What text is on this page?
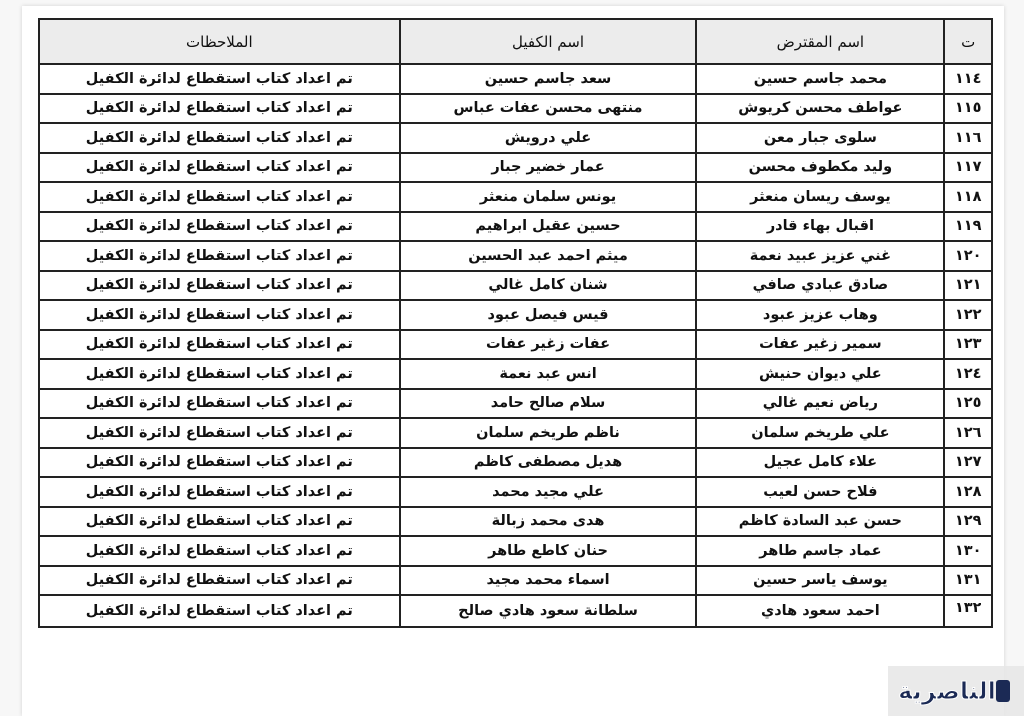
ت	اسم المقترض	اسم الكفيل	الملاحظات
١١٤	محمد جاسم حسين	سعد جاسم حسين	تم اعداد كتاب استقطاع لدائرة الكفيل
١١٥	عواطف محسن كريوش	منتهى محسن عفات عباس	تم اعداد كتاب استقطاع لدائرة الكفيل
١١٦	سلوى جبار معن	علي درويش	تم اعداد كتاب استقطاع لدائرة الكفيل
١١٧	وليد مكطوف محسن	عمار خضير جبار	تم اعداد كتاب استقطاع لدائرة الكفيل
١١٨	يوسف ريسان منعثر	يونس سلمان منعثر	تم اعداد كتاب استقطاع لدائرة الكفيل
١١٩	اقبال بهاء قادر	حسين عقيل ابراهيم	تم اعداد كتاب استقطاع لدائرة الكفيل
١٢٠	غني عزيز عبيد نعمة	ميثم احمد عبد الحسين	تم اعداد كتاب استقطاع لدائرة الكفيل
١٢١	صادق عبادي صافي	شنان كامل غالي	تم اعداد كتاب استقطاع لدائرة الكفيل
١٢٢	وهاب عزيز عبود	قيس فيصل عبود	تم اعداد كتاب استقطاع لدائرة الكفيل
١٢٣	سمير زغير عفات	عفات زغير عفات	تم اعداد كتاب استقطاع لدائرة الكفيل
١٢٤	علي ديوان حنيش	انس عبد نعمة	تم اعداد كتاب استقطاع لدائرة الكفيل
١٢٥	رياض نعيم غالي	سلام صالح حامد	تم اعداد كتاب استقطاع لدائرة الكفيل
١٢٦	علي طريخم سلمان	ناظم طريخم سلمان	تم اعداد كتاب استقطاع لدائرة الكفيل
١٢٧	علاء كامل عجيل	هديل مصطفى كاظم	تم اعداد كتاب استقطاع لدائرة الكفيل
١٢٨	فلاح حسن لعيب	علي مجيد محمد	تم اعداد كتاب استقطاع لدائرة الكفيل
١٢٩	حسن عبد السادة كاظم	هدى محمد زبالة	تم اعداد كتاب استقطاع لدائرة الكفيل
١٣٠	عماد جاسم طاهر	حنان كاطع طاهر	تم اعداد كتاب استقطاع لدائرة الكفيل
١٣١	يوسف ياسر حسين	اسماء محمد مجيد	تم اعداد كتاب استقطاع لدائرة الكفيل
١٣٢	احمد سعود هادي	سلطانة سعود هادي صالح	تم اعداد كتاب استقطاع لدائرة الكفيل
الناصرية
